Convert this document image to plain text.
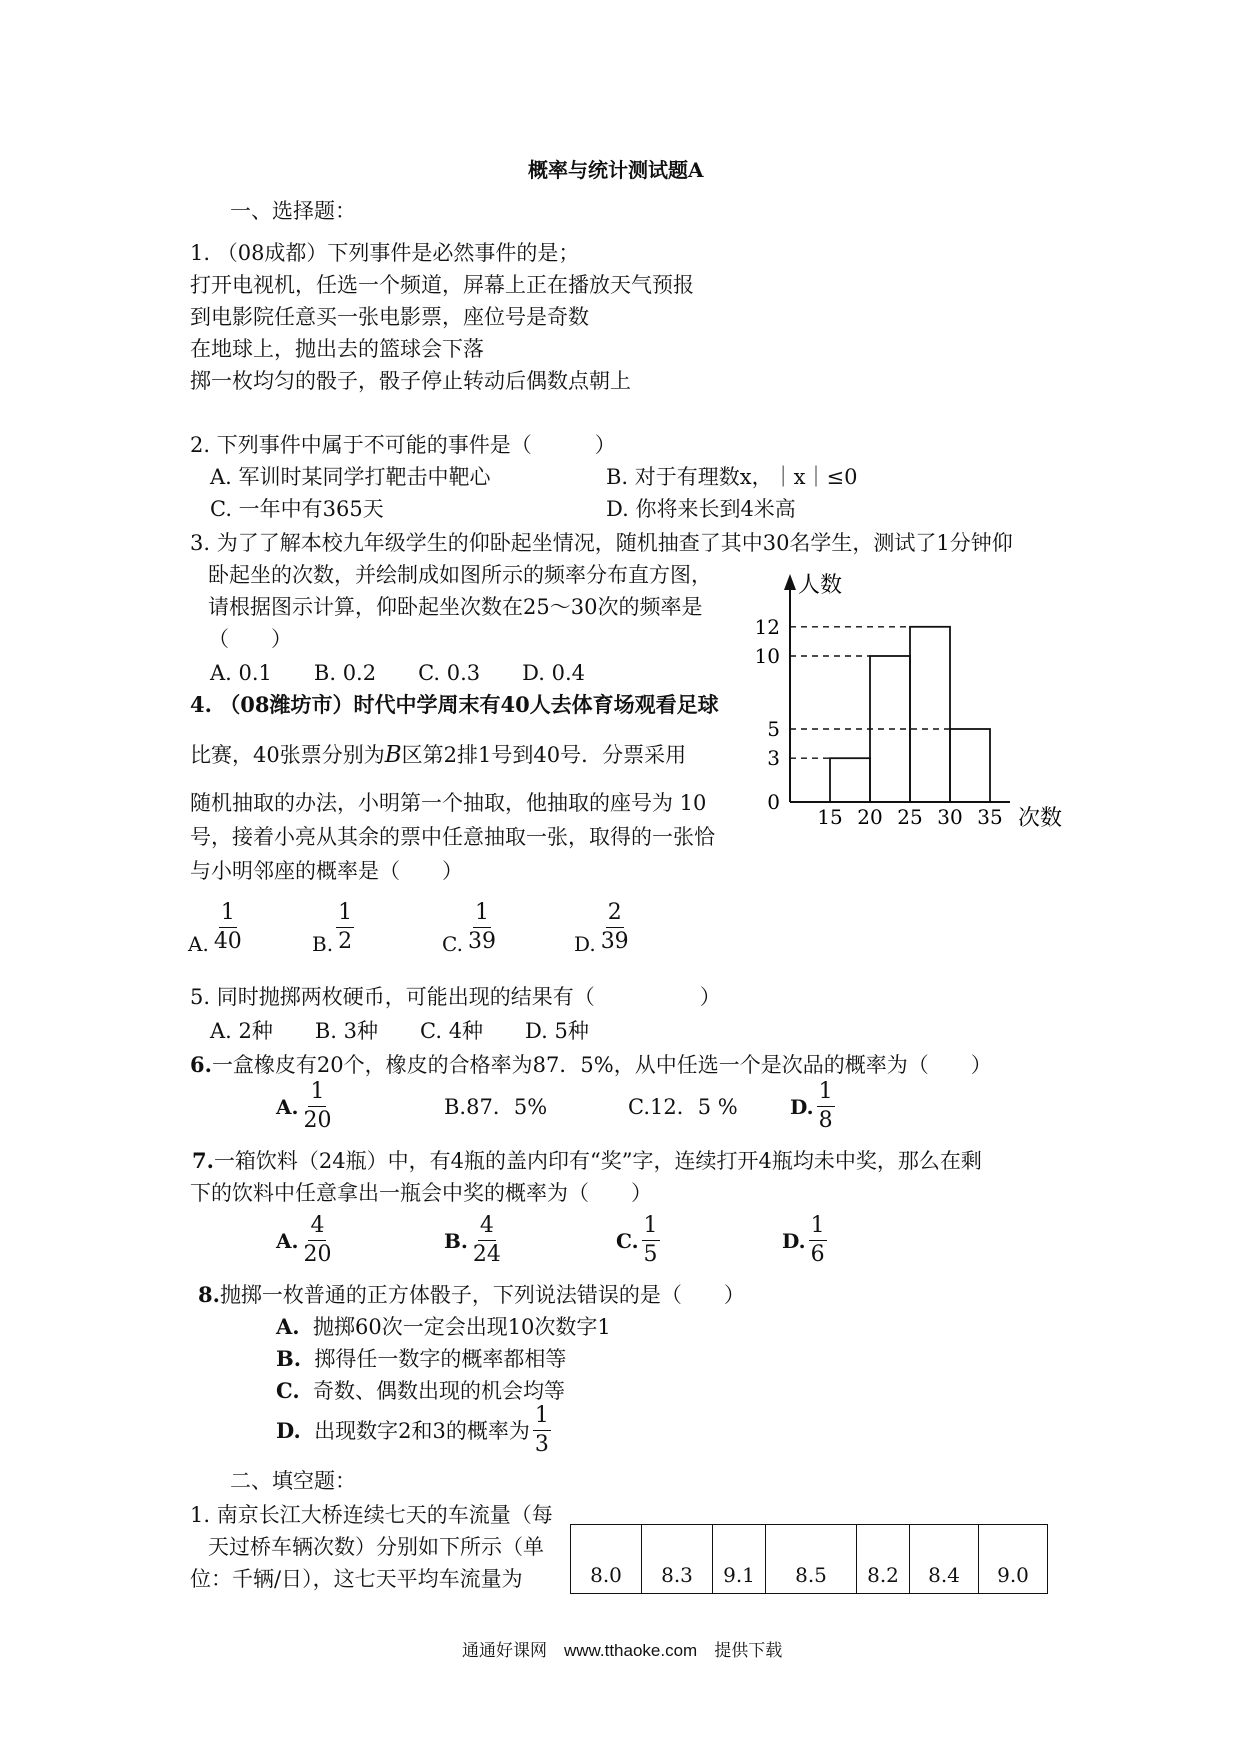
概率与统计测试题A
一、选择题：
1. （08成都）下列事件是必然事件的是；
打开电视机，任选一个频道，屏幕上正在播放天气预报
到电影院任意买一张电影票，座位号是奇数
在地球上，抛出去的篮球会下落
掷一枚均匀的骰子，骰子停止转动后偶数点朝上
2. 下列事件中属于不可能的事件是（　　　）
A. 军训时某同学打靶击中靶心	B. 对于有理数x，｜x｜≤0
C. 一年中有365天	D. 你将来长到4米高
3. 为了了解本校九年级学生的仰卧起坐情况，随机抽查了其中30名学生，测试了1分钟仰
卧起坐的次数，并绘制成如图所示的频率分布直方图，
请根据图示计算，仰卧起坐次数在25～30次的频率是
（　　）
A. 0.1　　B. 0.2　　C. 0.3　　D. 0.4
人数
次数
0
3
5
10
12
15 20 25 30 35
4. （08潍坊市）时代中学周末有40人去体育场观看足球
比赛，40张票分别为B区第2排1号到40号．分票采用
随机抽取的办法，小明第一个抽取，他抽取的座号为 10
号，接着小亮从其余的票中任意抽取一张，取得的一张恰
与小明邻座的概率是（　　）
A. $\frac{1}{40}$	B. $\frac{1}{2}$	C. $\frac{1}{39}$	D. $\frac{2}{39}$
5. 同时抛掷两枚硬币，可能出现的结果有（　　　　　）
A. 2种　　B. 3种　　C. 4种　　D. 5种
6.一盒橡皮有20个，橡皮的合格率为87．5%，从中任选一个是次品的概率为（　　）
A. $\frac{1}{20}$	B.87．5%	C.12．5 %	D. $\frac{1}{8}$
7.一箱饮料（24瓶）中，有4瓶的盖内印有“奖”字，连续打开4瓶均未中奖，那么在剩
下的饮料中任意拿出一瓶会中奖的概率为（　　）
A. $\frac{4}{20}$	B. $\frac{4}{24}$	C. $\frac{1}{5}$	D. $\frac{1}{6}$
8.抛掷一枚普通的正方体骰子，下列说法错误的是（　　）
A. 抛掷60次一定会出现10次数字1
B. 掷得任一数字的概率都相等
C. 奇数、偶数出现的机会均等
D.
出现数字2和3的概率为 $\frac{1}{3}$
二、填空题：
1. 南京长江大桥连续七天的车流量（每
天过桥车辆次数）分别如下所示（单
位：千辆/日），这七天平均车流量为	8.0	8.3	9.1	8.5	8.2	8.4	9.0
通通好课网　www.tthaoke.com　提供下载
